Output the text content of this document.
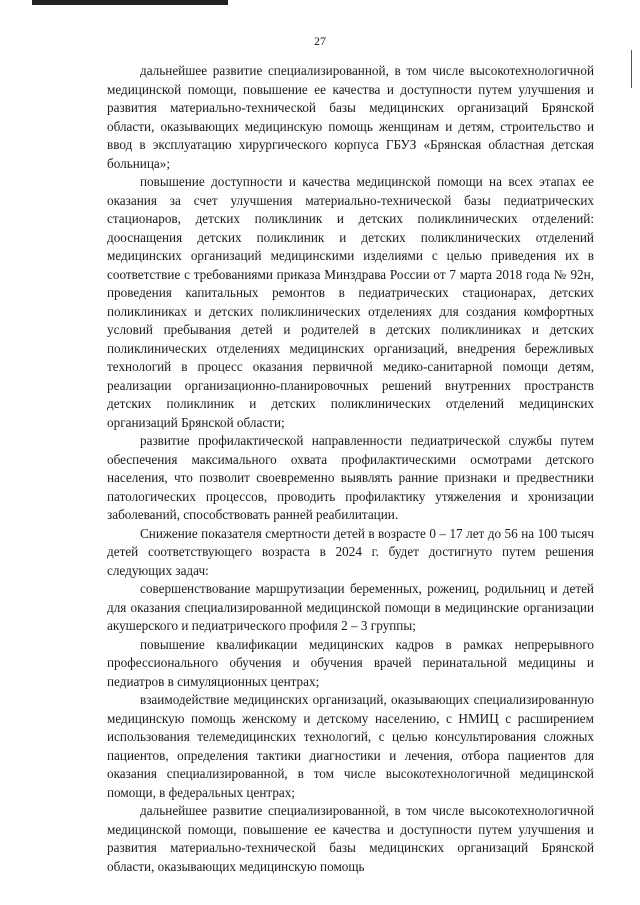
27

дальнейшее развитие специализированной, в том числе высокотехнологичной медицинской помощи, повышение ее качества и доступности путем улучшения и развития материально-технической базы медицинских организаций Брянской области, оказывающих медицинскую помощь женщинам и детям, строительство и ввод в эксплуатацию хирургического корпуса ГБУЗ «Брянская областная детская больница»;

повышение доступности и качества медицинской помощи на всех этапах ее оказания за счет улучшения материально-технической базы педиатрических стационаров, детских поликлиник и детских поликлинических отделений: дооснащения детских поликлиник и детских поликлинических отделений медицинских организаций медицинскими изделиями с целью приведения их в соответствие с требованиями приказа Минздрава России от 7 марта 2018 года № 92н, проведения капитальных ремонтов в педиатрических стационарах, детских поликлиниках и детских поликлинических отделениях для создания комфортных условий пребывания детей и родителей в детских поликлиниках и детских поликлинических отделениях медицинских организаций, внедрения бережливых технологий в процесс оказания первичной медико-санитарной помощи детям, реализации организационно-планировочных решений внутренних пространств детских поликлиник и детских поликлинических отделений медицинских организаций Брянской области;

развитие профилактической направленности педиатрической службы путем обеспечения максимального охвата профилактическими осмотрами детского населения, что позволит своевременно выявлять ранние признаки и предвестники патологических процессов, проводить профилактику утяжеления и хронизации заболеваний, способствовать ранней реабилитации.

Снижение показателя смертности детей в возрасте 0 – 17 лет до 56 на 100 тысяч детей соответствующего возраста в 2024 г. будет достигнуто путем решения следующих задач:

совершенствование маршрутизации беременных, рожениц, родильниц и детей для оказания специализированной медицинской помощи в медицинские организации акушерского и педиатрического профиля 2 – 3 группы;

повышение квалификации медицинских кадров в рамках непрерывного профессионального обучения и обучения врачей перинатальной медицины и педиатров в симуляционных центрах;

взаимодействие медицинских организаций, оказывающих специализированную медицинскую помощь женскому и детскому населению, с НМИЦ с расширением использования телемедицинских технологий, с целью консультирования сложных пациентов, определения тактики диагностики и лечения, отбора пациентов для оказания специализированной, в том числе высокотехнологичной медицинской помощи, в федеральных центрах;

дальнейшее развитие специализированной, в том числе высокотехнологичной медицинской помощи, повышение ее качества и доступности путем улучшения и развития материально-технической базы медицинских организаций Брянской области, оказывающих медицинскую помощь
